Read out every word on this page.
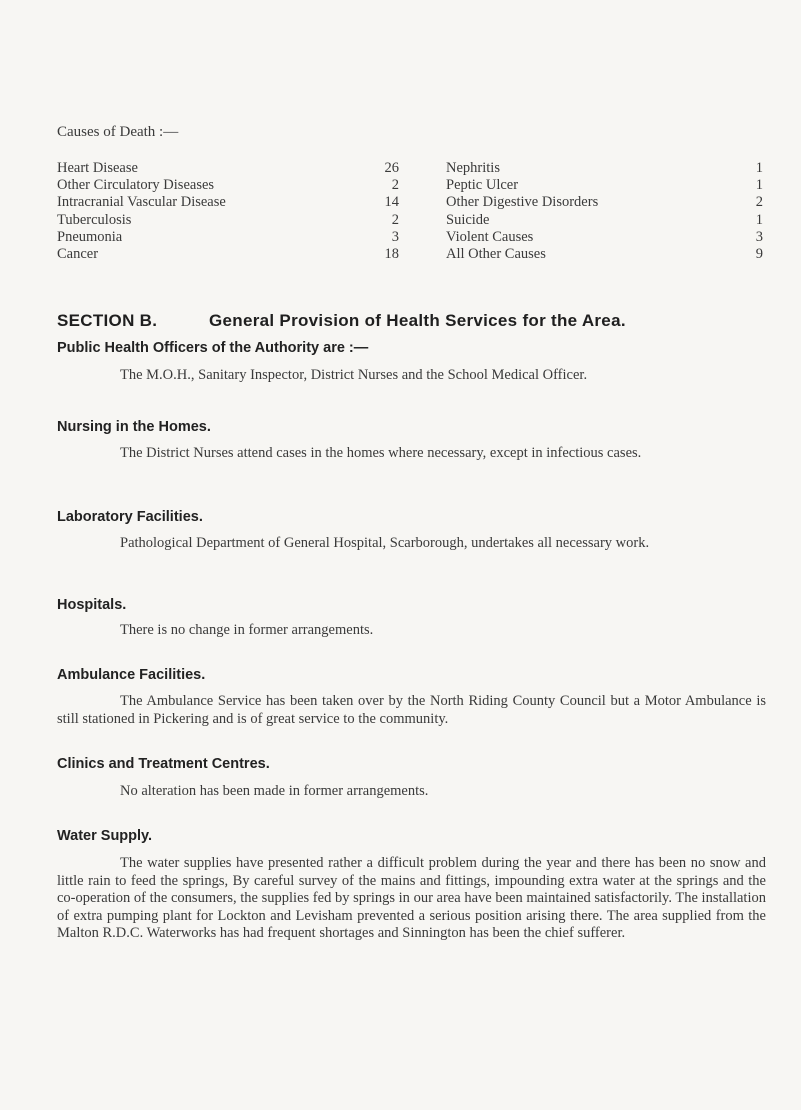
Causes of Death :—
Heart Disease	26
Other Circulatory Diseases	2
Intracranial Vascular Disease	14
Tuberculosis	2
Pneumonia	3
Cancer	18
Nephritis	1
Peptic Ulcer	1
Other Digestive Disorders	2
Suicide	1
Violent Causes	3
All Other Causes	9
SECTION B.	General Provision of Health Services for the Area.
Public Health Officers of the Authority are :—
The M.O.H., Sanitary Inspector, District Nurses and the School Medical Officer.
Nursing in the Homes.
The District Nurses attend cases in the homes where necessary, except in infectious cases.
Laboratory Facilities.
Pathological Department of General Hospital, Scarborough, undertakes all necessary work.
Hospitals.
There is no change in former arrangements.
Ambulance Facilities.
The Ambulance Service has been taken over by the North Riding County Council but a Motor Ambulance is still stationed in Pickering and is of great service to the community.
Clinics and Treatment Centres.
No alteration has been made in former arrangements.
Water Supply.
The water supplies have presented rather a difficult problem during the year and there has been no snow and little rain to feed the springs, By careful survey of the mains and fittings, impounding extra water at the springs and the co-operation of the consumers, the supplies fed by springs in our area have been maintained satisfactorily. The installation of extra pumping plant for Lockton and Levisham prevented a serious position arising there. The area supplied from the Malton R.D.C. Waterworks has had frequent shortages and Sinnington has been the chief sufferer.
